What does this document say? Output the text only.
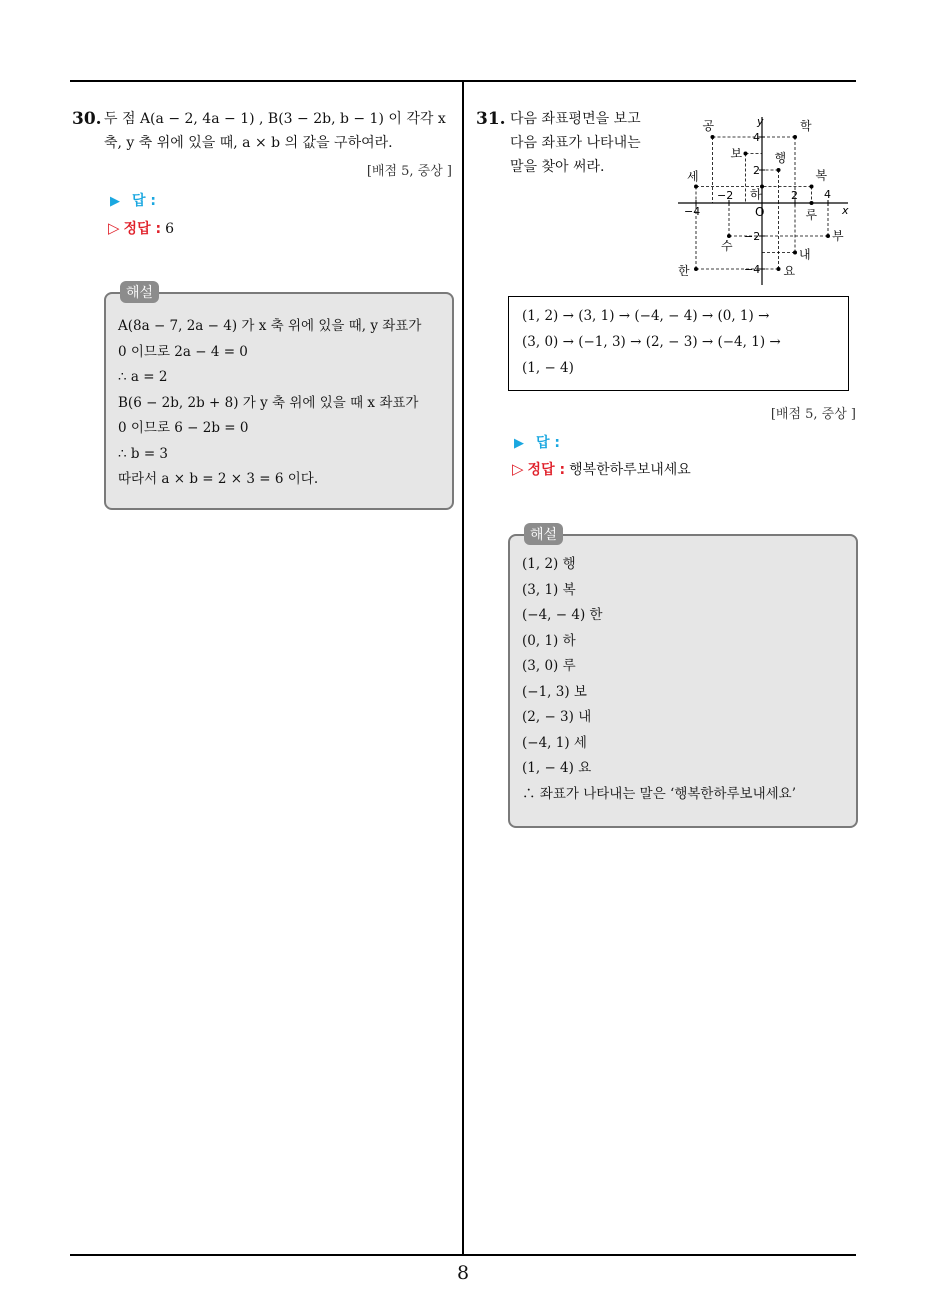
8
30. 두 점 A(a − 2, 4a − 1) , B(3 − 2b, b − 1) 이 각각 x
축, y 축 위에 있을 때, a × b 의 값을 구하여라.
[배점 5, 중상 ]
▶ 답 :
▷ 정답 : 6
A(8a − 7, 2a − 4) 가 x 축 위에 있을 때, y 좌표가
0 이므로 2a − 4 = 0
∴ a = 2
B(6 − 2b, 2b + 8) 가 y 축 위에 있을 때 x 좌표가
0 이므로 6 − 2b = 0
∴ b = 3
따라서 a × b = 2 × 3 = 6 이다.
해설
31. 다음 좌표평면을 보고
다음 좌표가 나타내는
말을 찾아 써라.
x
y
O
−4
−2	2 4
4
2
−2
−4
공	학
보	행
세
하
복
루
수
부
내
한	요
(1, 2) → (3, 1) → (−4, − 4) → (0, 1) →
(3, 0) → (−1, 3) → (2, − 3) → (−4, 1) →
(1, − 4)
[배점 5, 중상 ]
▶ 답 :
▷ 정답 : 행복한하루보내세요
(1, 2) 행
(3, 1) 복
(−4, − 4) 한
(0, 1) 하
(3, 0) 루
(−1, 3) 보
(2, − 3) 내
(−4, 1) 세
(1, − 4) 요
∴ 좌표가 나타내는 말은 ‘행복한하루보내세요’
해설
